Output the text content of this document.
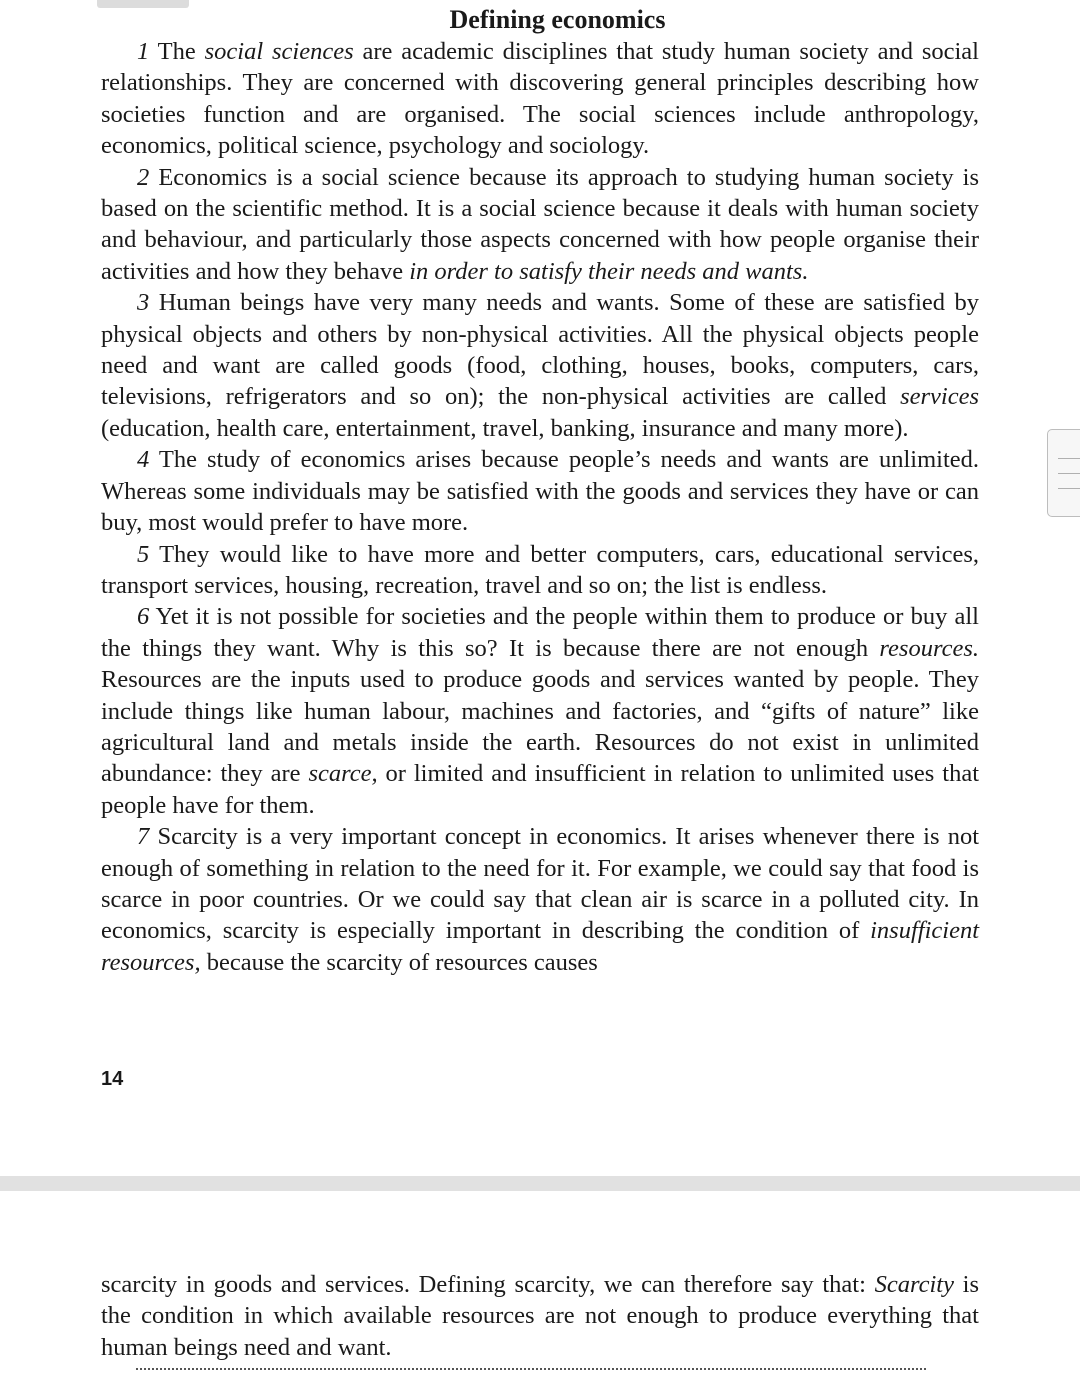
Defining economics

1 The social sciences are academic disciplines that study human society and social relationships. They are concerned with discovering general principles describing how societies function and are organised. The social sciences include anthropology, economics, political science, psychology and sociology.

2 Economics is a social science because its approach to studying human society is based on the scientific method. It is a social science because it deals with human society and behaviour, and particularly those aspects concerned with how people organise their activities and how they behave in order to satisfy their needs and wants.

3 Human beings have very many needs and wants. Some of these are satisfied by physical objects and others by non-physical activities. All the physical objects people need and want are called goods (food, clothing, houses, books, computers, cars, televisions, refrigerators and so on); the non-physical activities are called services (education, health care, entertainment, travel, banking, insurance and many more).

4 The study of economics arises because people’s needs and wants are unlimited. Whereas some individuals may be satisfied with the goods and services they have or can buy, most would prefer to have more.

5 They would like to have more and better computers, cars, educational services, transport services, housing, recreation, travel and so on; the list is endless.

6 Yet it is not possible for societies and the people within them to produce or buy all the things they want. Why is this so? It is because there are not enough resources. Resources are the inputs used to produce goods and services wanted by people. They include things like human labour, machines and factories, and “gifts of nature” like agricultural land and metals inside the earth. Resources do not exist in unlimited abundance: they are scarce, or limited and insufficient in relation to unlimited uses that people have for them.

7 Scarcity is a very important concept in economics. It arises whenever there is not enough of something in relation to the need for it. For example, we could say that food is scarce in poor countries. Or we could say that clean air is scarce in a polluted city. In economics, scarcity is especially important in describing the condition of insufficient resources, because the scarcity of resources causes

14

scarcity in goods and services. Defining scarcity, we can therefore say that: Scarcity is the condition in which available resources are not enough to produce everything that human beings need and want.
